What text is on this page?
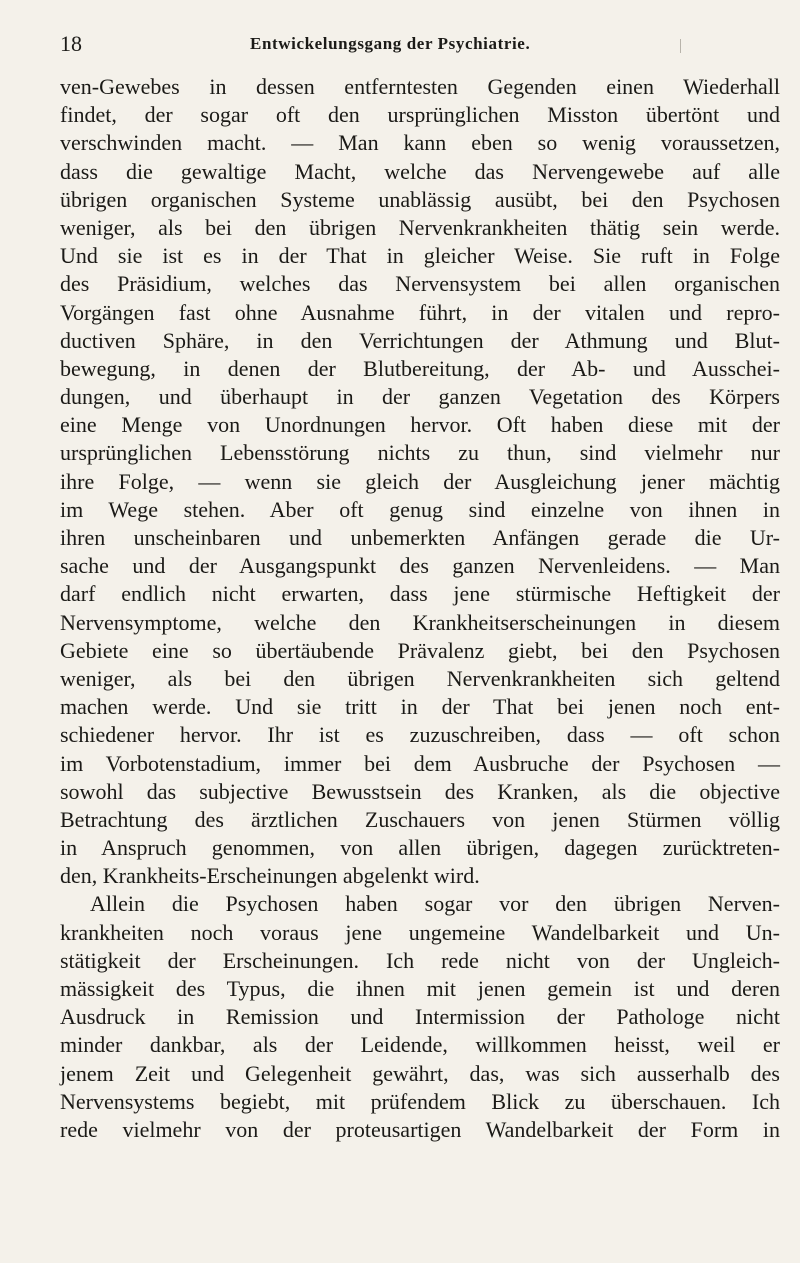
18	Entwickelungsgang der Psychiatrie.
ven-Gewebes in dessen entferntesten Gegenden einen Wiederhall
findet, der sogar oft den ursprünglichen Misston übertönt und
verschwinden macht. — Man kann eben so wenig voraussetzen,
dass die gewaltige Macht, welche das Nervengewebe auf alle
übrigen organischen Systeme unablässig ausübt, bei den Psychosen
weniger, als bei den übrigen Nervenkrankheiten thätig sein werde.
Und sie ist es in der That in gleicher Weise. Sie ruft in Folge
des Präsidium, welches das Nervensystem bei allen organischen
Vorgängen fast ohne Ausnahme führt, in der vitalen und repro-
ductiven Sphäre, in den Verrichtungen der Athmung und Blut-
bewegung, in denen der Blutbereitung, der Ab- und Ausschei-
dungen, und überhaupt in der ganzen Vegetation des Körpers
eine Menge von Unordnungen hervor. Oft haben diese mit der
ursprünglichen Lebensstörung nichts zu thun, sind vielmehr nur
ihre Folge, — wenn sie gleich der Ausgleichung jener mächtig
im Wege stehen. Aber oft genug sind einzelne von ihnen in
ihren unscheinbaren und unbemerkten Anfängen gerade die Ur-
sache und der Ausgangspunkt des ganzen Nervenleidens. — Man
darf endlich nicht erwarten, dass jene stürmische Heftigkeit der
Nervensymptome, welche den Krankheitserscheinungen in diesem
Gebiete eine so übertäubende Prävalenz giebt, bei den Psychosen
weniger, als bei den übrigen Nervenkrankheiten sich geltend
machen werde. Und sie tritt in der That bei jenen noch ent-
schiedener hervor. Ihr ist es zuzuschreiben, dass — oft schon
im Vorbotenstadium, immer bei dem Ausbruche der Psychosen —
sowohl das subjective Bewusstsein des Kranken, als die objective
Betrachtung des ärztlichen Zuschauers von jenen Stürmen völlig
in Anspruch genommen, von allen übrigen, dagegen zurücktreten-
den, Krankheits-Erscheinungen abgelenkt wird.
Allein die Psychosen haben sogar vor den übrigen Nerven-
krankheiten noch voraus jene ungemeine Wandelbarkeit und Un-
stätigkeit der Erscheinungen. Ich rede nicht von der Ungleich-
mässigkeit des Typus, die ihnen mit jenen gemein ist und deren
Ausdruck in Remission und Intermission der Pathologe nicht
minder dankbar, als der Leidende, willkommen heisst, weil er
jenem Zeit und Gelegenheit gewährt, das, was sich ausserhalb des
Nervensystems begiebt, mit prüfendem Blick zu überschauen. Ich
rede vielmehr von der proteusartigen Wandelbarkeit der Form in
